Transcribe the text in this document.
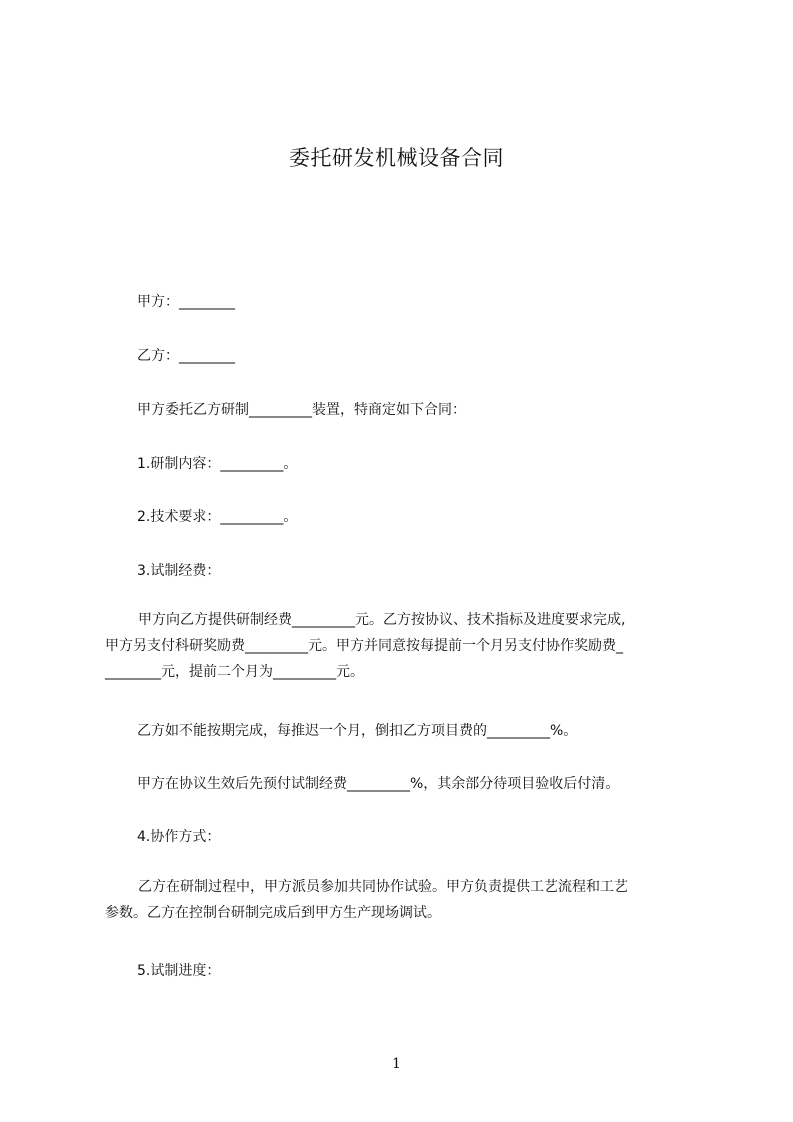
委托研发机械设备合同
甲方：________
乙方：________
甲方委托乙方研制_________装置，特商定如下合同：
1.研制内容：_________。
2.技术要求：_________。
3.试制经费：
甲方向乙方提供研制经费_________元。乙方按协议、技术指标及进度要求完成,
甲方另支付科研奖励费_________元。甲方并同意按每提前一个月另支付协作奖励费_
________元，提前二个月为_________元。
乙方如不能按期完成，每推迟一个月，倒扣乙方项目费的_________%。
甲方在协议生效后先预付试制经费_________%，其余部分待项目验收后付清。
4.协作方式：
乙方在研制过程中，甲方派员参加共同协作试验。甲方负责提供工艺流程和工艺
参数。乙方在控制台研制完成后到甲方生产现场调试。
5.试制进度：
1
